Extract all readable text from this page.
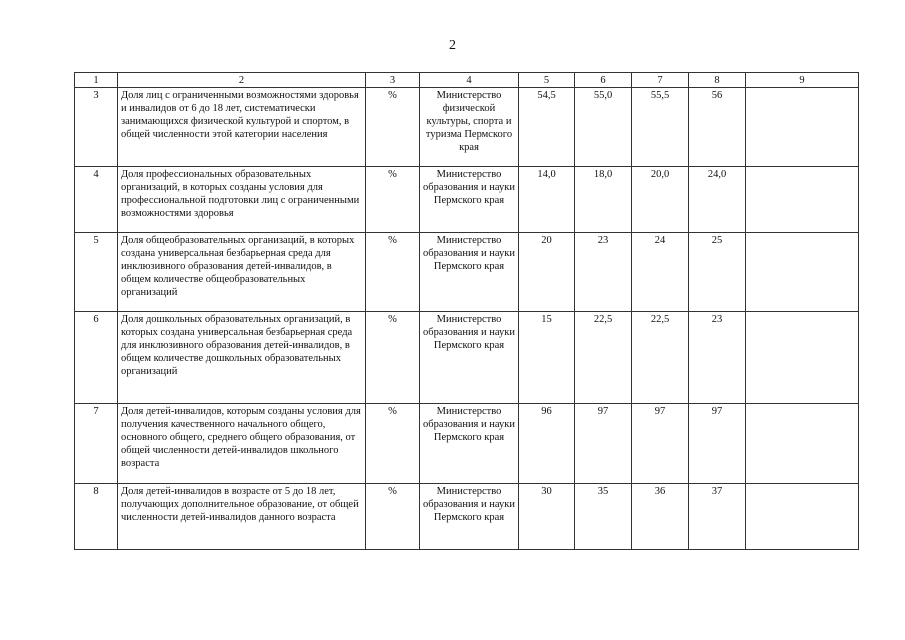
2
1	2	3	4	5	6	7	8	9
3	Доля лиц с ограниченными возможностями здоровья и инвалидов от 6 до 18 лет, систематически занимающихся физической культурой и спортом, в общей численности этой категории населения	%	Министерство физической культуры, спорта и туризма Пермского края	54,5	55,0	55,5	56	
4	Доля профессиональных образовательных организаций, в которых созданы условия для профессиональной подготовки лиц с ограниченными возможностями здоровья	%	Министерство образования и науки Пермского края	14,0	18,0	20,0	24,0	
5	Доля общеобразовательных организаций, в которых создана универсальная безбарьерная среда для инклюзивного образования детей-инвалидов, в общем количестве общеобразовательных организаций	%	Министерство образования и науки Пермского края	20	23	24	25	
6	Доля дошкольных образовательных организаций, в которых создана универсальная безбарьерная среда для инклюзивного образования детей-инвалидов, в общем количестве дошкольных образовательных организаций	%	Министерство образования и науки Пермского края	15	22,5	22,5	23	
7	Доля детей-инвалидов, которым созданы условия для получения качественного начального общего, основного общего, среднего общего образования, от общей численности детей-инвалидов школьного возраста	%	Министерство образования и науки Пермского края	96	97	97	97	
8	Доля детей-инвалидов в возрасте от 5 до 18 лет, получающих дополнительное образование, от общей численности детей-инвалидов данного возраста	%	Министерство образования и науки Пермского края	30	35	36	37	
